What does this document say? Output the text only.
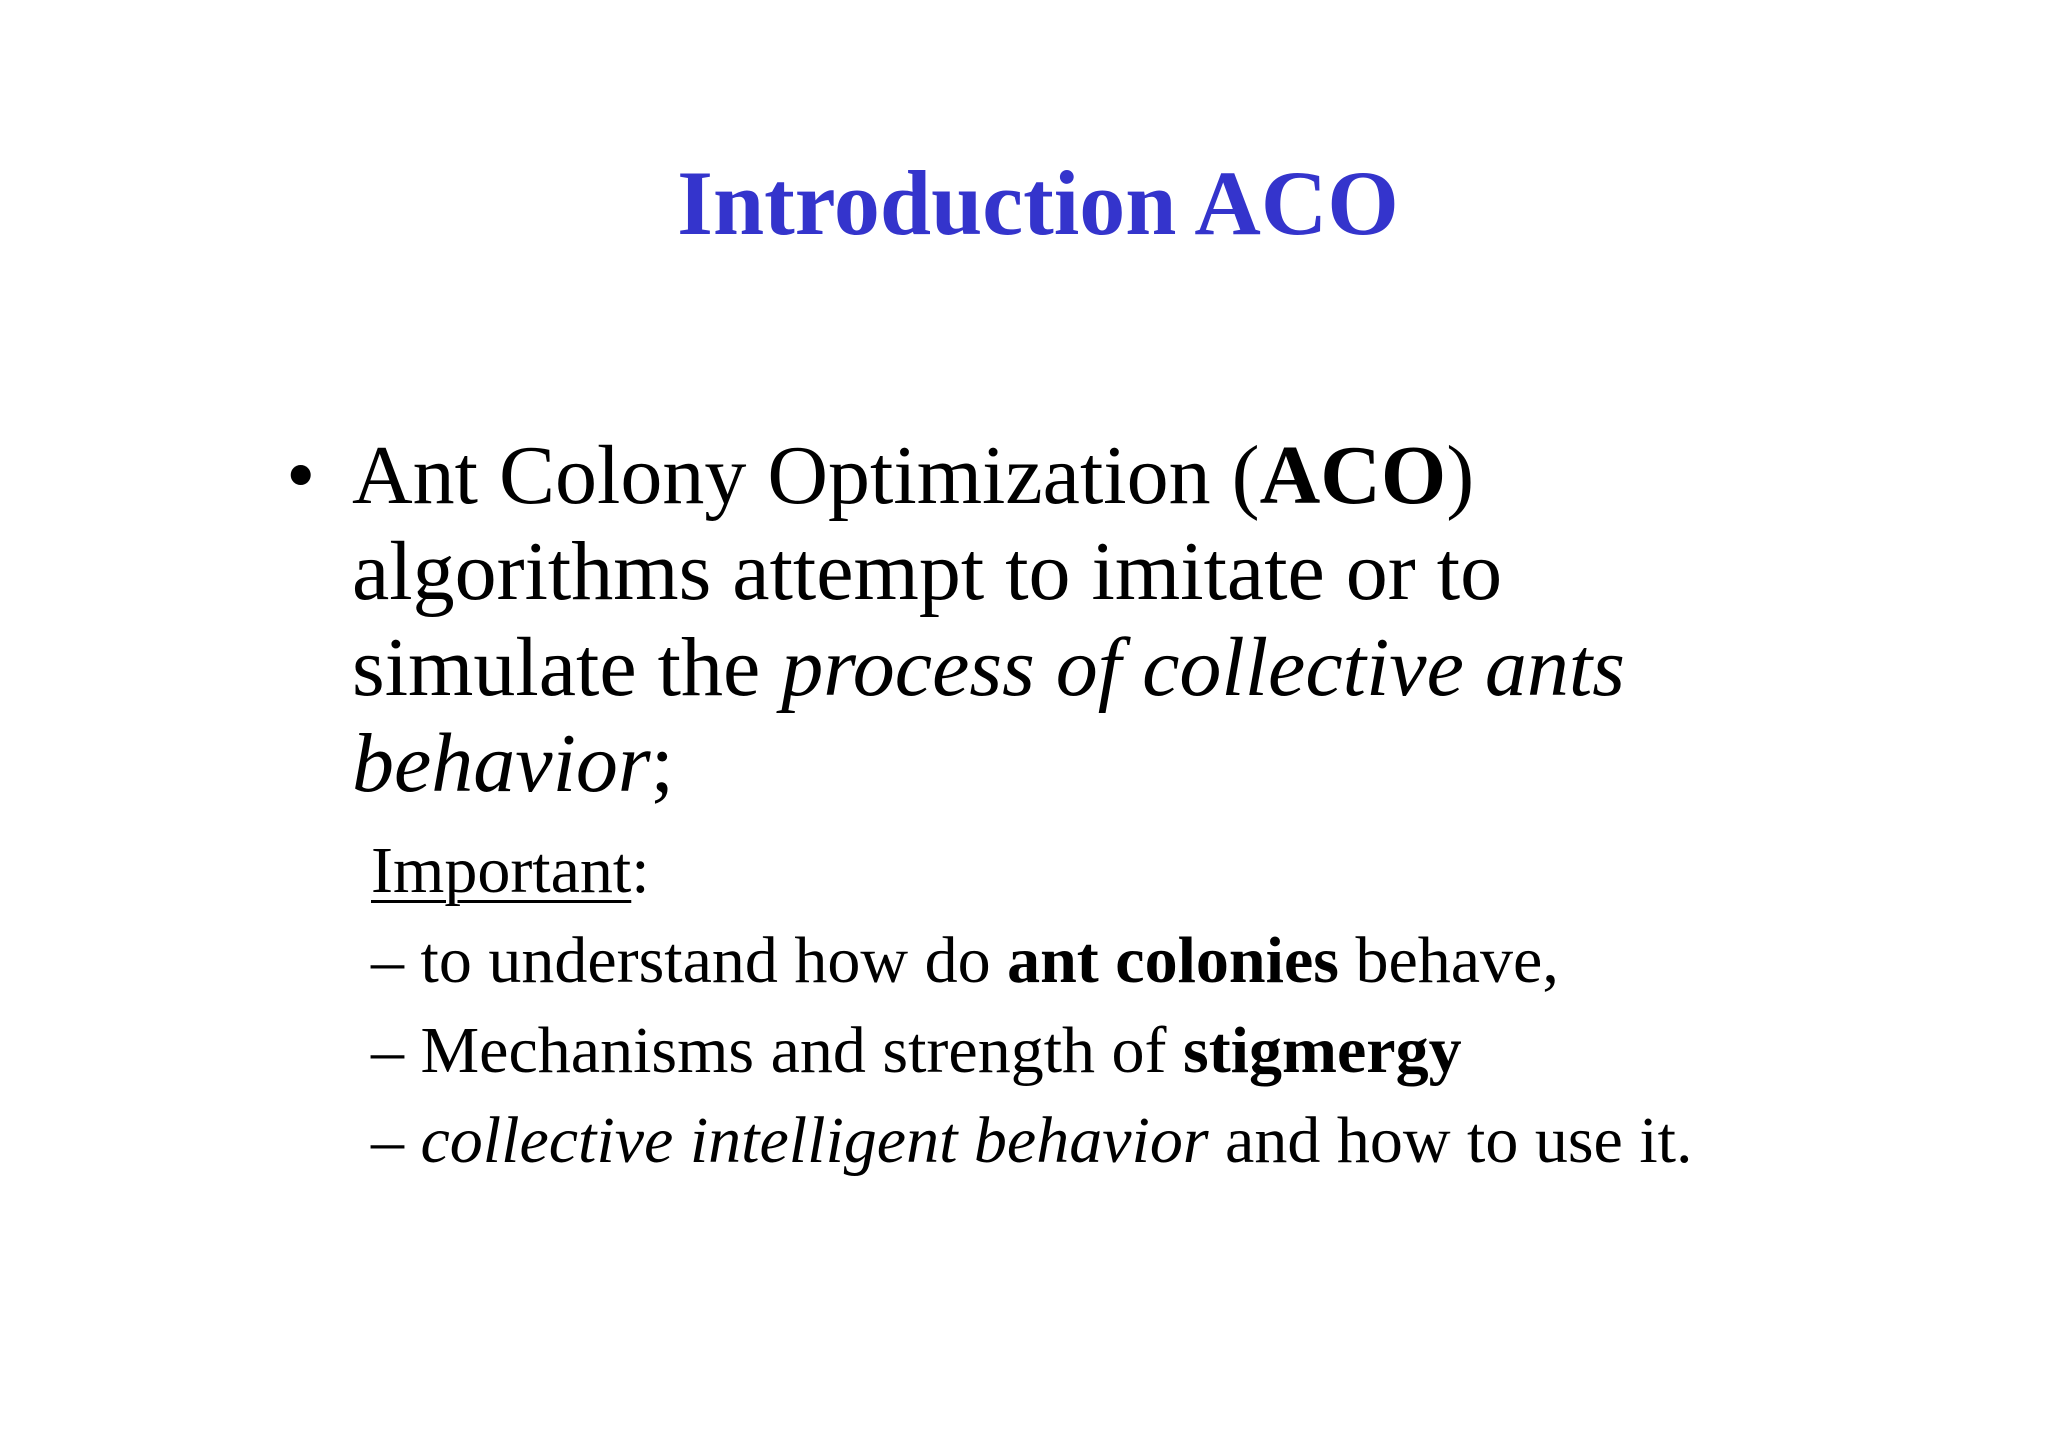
Introduction ACO
• Ant Colony Optimization (ACO)
algorithms attempt to imitate or to
simulate the process of collective ants
behavior;
Important:
– to understand how do ant colonies behave,
– Mechanisms and strength of stigmergy
– collective intelligent behavior and how to use it.
